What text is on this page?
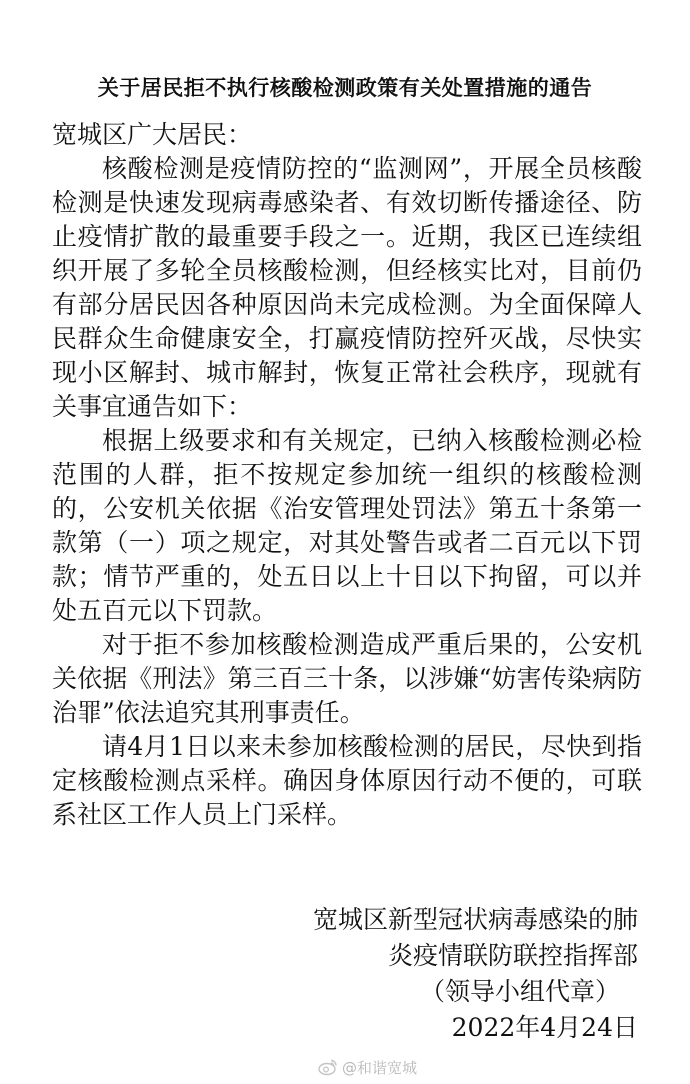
关于居民拒不执行核酸检测政策有关处置措施的通告

宽城区广大居民：

核酸检测是疫情防控的“监测网”，开展全员核酸检测是快速发现病毒感染者、有效切断传播途径、防止疫情扩散的最重要手段之一。近期，我区已连续组织开展了多轮全员核酸检测，但经核实比对，目前仍有部分居民因各种原因尚未完成检测。为全面保障人民群众生命健康安全，打赢疫情防控歼灭战，尽快实现小区解封、城市解封，恢复正常社会秩序，现就有关事宜通告如下：

根据上级要求和有关规定，已纳入核酸检测必检范围的人群，拒不按规定参加统一组织的核酸检测的，公安机关依据《治安管理处罚法》第五十条第一款第（一）项之规定，对其处警告或者二百元以下罚款；情节严重的，处五日以上十日以下拘留，可以并处五百元以下罚款。

对于拒不参加核酸检测造成严重后果的，公安机关依据《刑法》第三百三十条，以涉嫌“妨害传染病防治罪”依法追究其刑事责任。

请4月1日以来未参加核酸检测的居民，尽快到指定核酸检测点采样。确因身体原因行动不便的，可联系社区工作人员上门采样。

宽城区新型冠状病毒感染的肺
炎疫情联防联控指挥部
（领导小组代章）
2022年4月24日
@和谐宽城
